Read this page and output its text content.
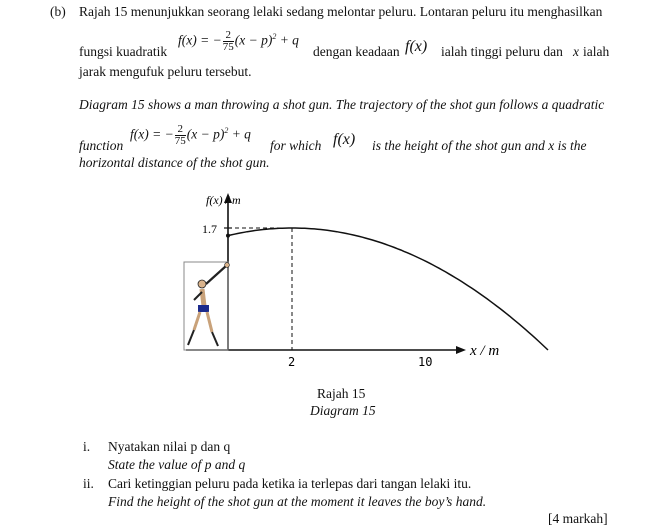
(b) Rajah 15 menunjukkan seorang lelaki sedang melontar peluru. Lontaran peluru itu menghasilkan
fungsi kuadratik
f(x) = − $\frac{2}{75} (x - p)^2 + q$
dengan keadaan f(x) ialah tinggi peluru dan x ialah
jarak mengufuk peluru tersebut.
Diagram 15 shows a man throwing a shot gun. The trajectory of the shot gun follows a quadratic
function
f(x) = − $\frac{2}{75} (x - p)^2 + q$
for which f(x) is the height of the shot gun and x is the
horizontal distance of the shot gun.
f(x) / m
1.7
2	10
x / m
Rajah 15
Diagram 15
i. Nyatakan nilai p dan q
State the value of p and q
ii. Cari ketinggian peluru pada ketika ia terlepas dari tangan lelaki itu.
Find the height of the shot gun at the moment it leaves the boy’s hand.
[4 markah]
